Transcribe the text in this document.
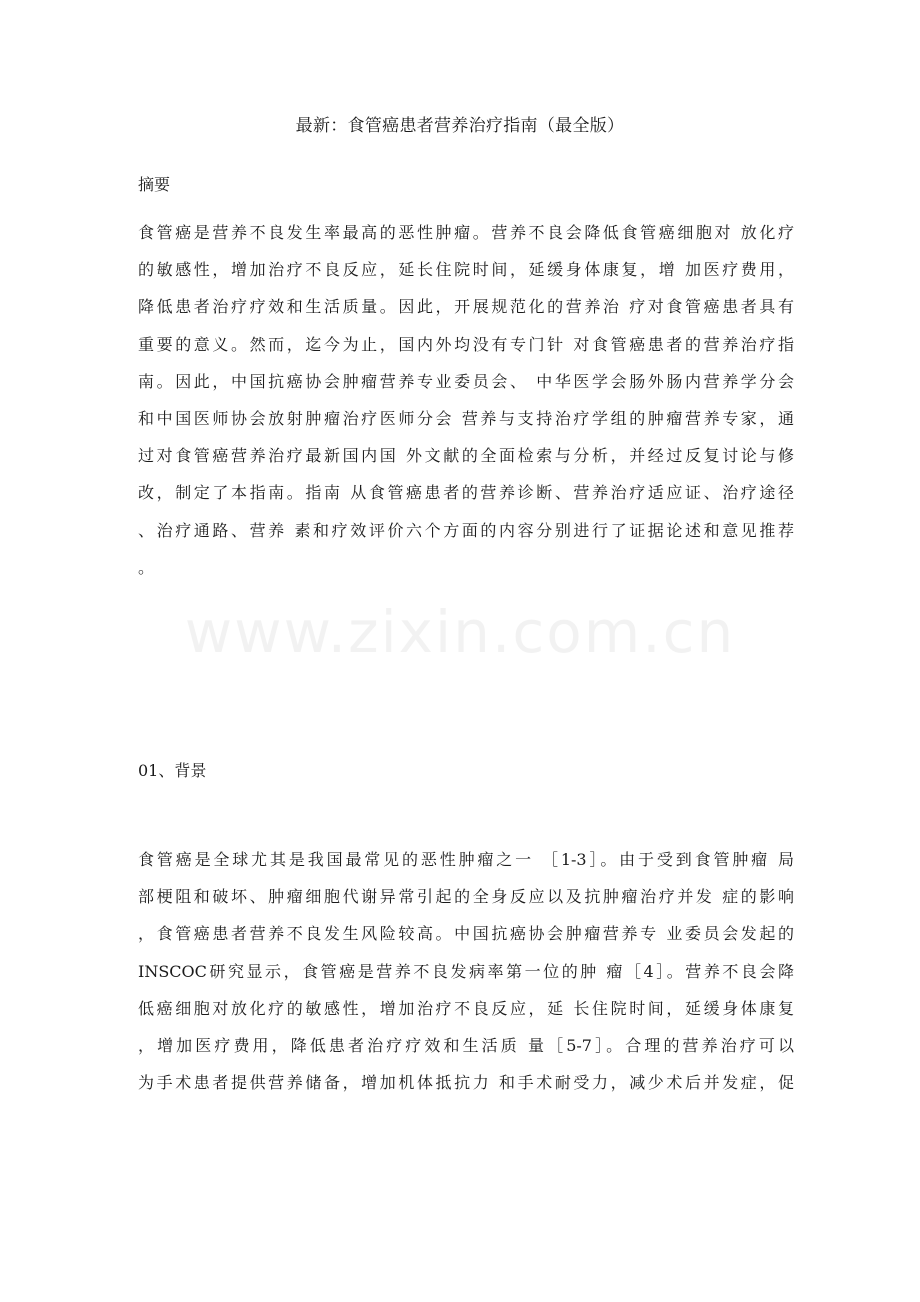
www.zixin.com.cn
最新：食管癌患者营养治疗指南（最全版）
摘要
食管癌是营养不良发生率最高的恶性肿瘤。营养不良会降低食管癌细胞对 放化疗
的敏感性，增加治疗不良反应，延长住院时间，延缓身体康复，增 加医疗费用，
降低患者治疗疗效和生活质量。因此，开展规范化的营养治 疗对食管癌患者具有
重要的意义。然而，迄今为止，国内外均没有专门针 对食管癌患者的营养治疗指
南。因此，中国抗癌协会肿瘤营养专业委员会、 中华医学会肠外肠内营养学分会
和中国医师协会放射肿瘤治疗医师分会 营养与支持治疗学组的肿瘤营养专家，通
过对食管癌营养治疗最新国内国 外文献的全面检索与分析，并经过反复讨论与修
改，制定了本指南。指南 从食管癌患者的营养诊断、营养治疗适应证、治疗途径
、治疗通路、营养 素和疗效评价六个方面的内容分别进行了证据论述和意见推荐
。
01、背景
食管癌是全球尤其是我国最常见的恶性肿瘤之一 ［1-3］。由于受到食管肿瘤 局
部梗阻和破坏、肿瘤细胞代谢异常引起的全身反应以及抗肿瘤治疗并发 症的影响
，食管癌患者营养不良发生风险较高。中国抗癌协会肿瘤营养专 业委员会发起的
INSCOC研究显示，食管癌是营养不良发病率第一位的肿 瘤［4］。营养不良会降
低癌细胞对放化疗的敏感性，增加治疗不良反应，延 长住院时间，延缓身体康复
，增加医疗费用，降低患者治疗疗效和生活质 量［5-7］。合理的营养治疗可以
为手术患者提供营养储备，增加机体抵抗力 和手术耐受力，减少术后并发症，促
